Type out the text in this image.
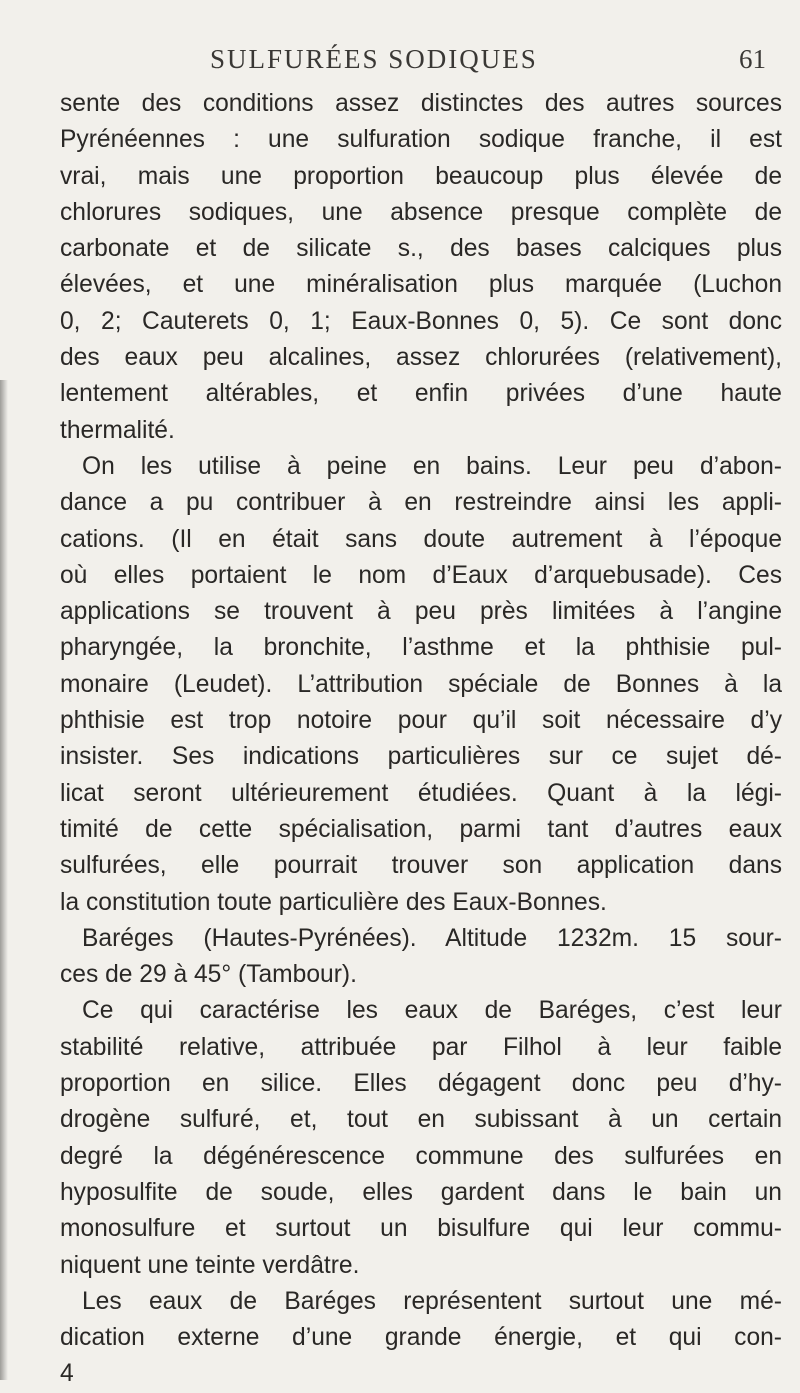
SULFURÉES SODIQUES	61
sente des conditions assez distinctes des autres sources
Pyrénéennes : une sulfuration sodique franche, il est
vrai, mais une proportion beaucoup plus élevée de
chlorures sodiques, une absence presque complète de
carbonate et de silicate s., des bases calciques plus
élevées, et une minéralisation plus marquée (Luchon
0, 2; Cauterets 0, 1; Eaux-Bonnes 0, 5). Ce sont donc
des eaux peu alcalines, assez chlorurées (relativement),
lentement altérables, et enfin privées d’une haute
thermalité.
On les utilise à peine en bains. Leur peu d’abon-
dance a pu contribuer à en restreindre ainsi les appli-
cations. (Il en était sans doute autrement à l’époque
où elles portaient le nom d’Eaux d’arquebusade). Ces
applications se trouvent à peu près limitées à l’angine
pharyngée, la bronchite, l’asthme et la phthisie pul-
monaire (Leudet). L’attribution spéciale de Bonnes à la
phthisie est trop notoire pour qu’il soit nécessaire d’y
insister. Ses indications particulières sur ce sujet dé-
licat seront ultérieurement étudiées. Quant à la légi-
timité de cette spécialisation, parmi tant d’autres eaux
sulfurées, elle pourrait trouver son application dans
la constitution toute particulière des Eaux-Bonnes.
Baréges (Hautes-Pyrénées). Altitude 1232m. 15 sour-
ces de 29 à 45° (Tambour).
Ce qui caractérise les eaux de Baréges, c’est leur
stabilité relative, attribuée par Filhol à leur faible
proportion en silice. Elles dégagent donc peu d’hy-
drogène sulfuré, et, tout en subissant à un certain
degré la dégénérescence commune des sulfurées en
hyposulfite de soude, elles gardent dans le bain un
monosulfure et surtout un bisulfure qui leur commu-
niquent une teinte verdâtre.
Les eaux de Baréges représentent surtout une mé-
dication externe d’une grande énergie, et qui con-
4
